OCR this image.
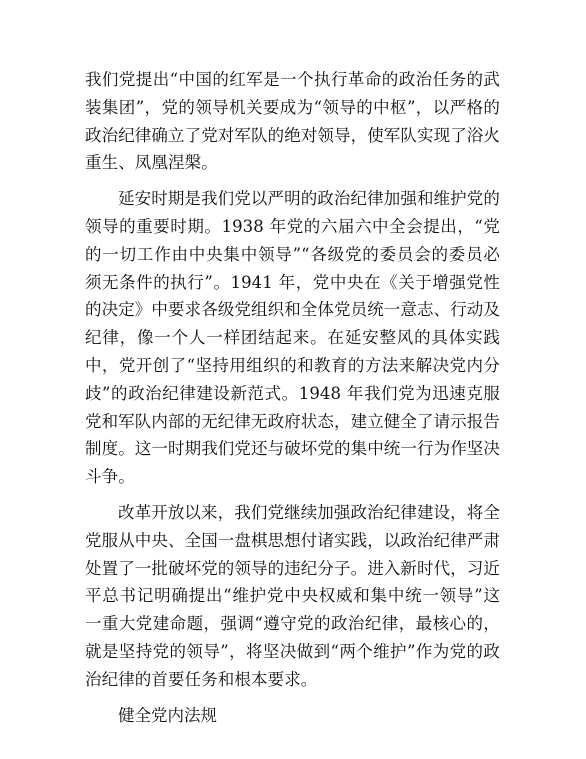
我们党提出“中国的红军是一个执行革命的政治任务的武装集团”，党的领导机关要成为“领导的中枢”，以严格的政治纪律确立了党对军队的绝对领导，使军队实现了浴火重生、凤凰涅槃。

延安时期是我们党以严明的政治纪律加强和维护党的领导的重要时期。1938 年党的六届六中全会提出，“党的一切工作由中央集中领导”“各级党的委员会的委员必须无条件的执行”。1941 年，党中央在《关于增强党性的决定》中要求各级党组织和全体党员统一意志、行动及纪律，像一个人一样团结起来。在延安整风的具体实践中，党开创了“坚持用组织的和教育的方法来解决党内分歧”的政治纪律建设新范式。1948 年我们党为迅速克服党和军队内部的无纪律无政府状态，建立健全了请示报告制度。这一时期我们党还与破坏党的集中统一行为作坚决斗争。

改革开放以来，我们党继续加强政治纪律建设，将全党服从中央、全国一盘棋思想付诸实践，以政治纪律严肃处置了一批破坏党的领导的违纪分子。进入新时代，习近平总书记明确提出“维护党中央权威和集中统一领导”这一重大党建命题，强调“遵守党的政治纪律，最核心的，就是坚持党的领导”，将坚决做到“两个维护”作为党的政治纪律的首要任务和根本要求。

健全党内法规
